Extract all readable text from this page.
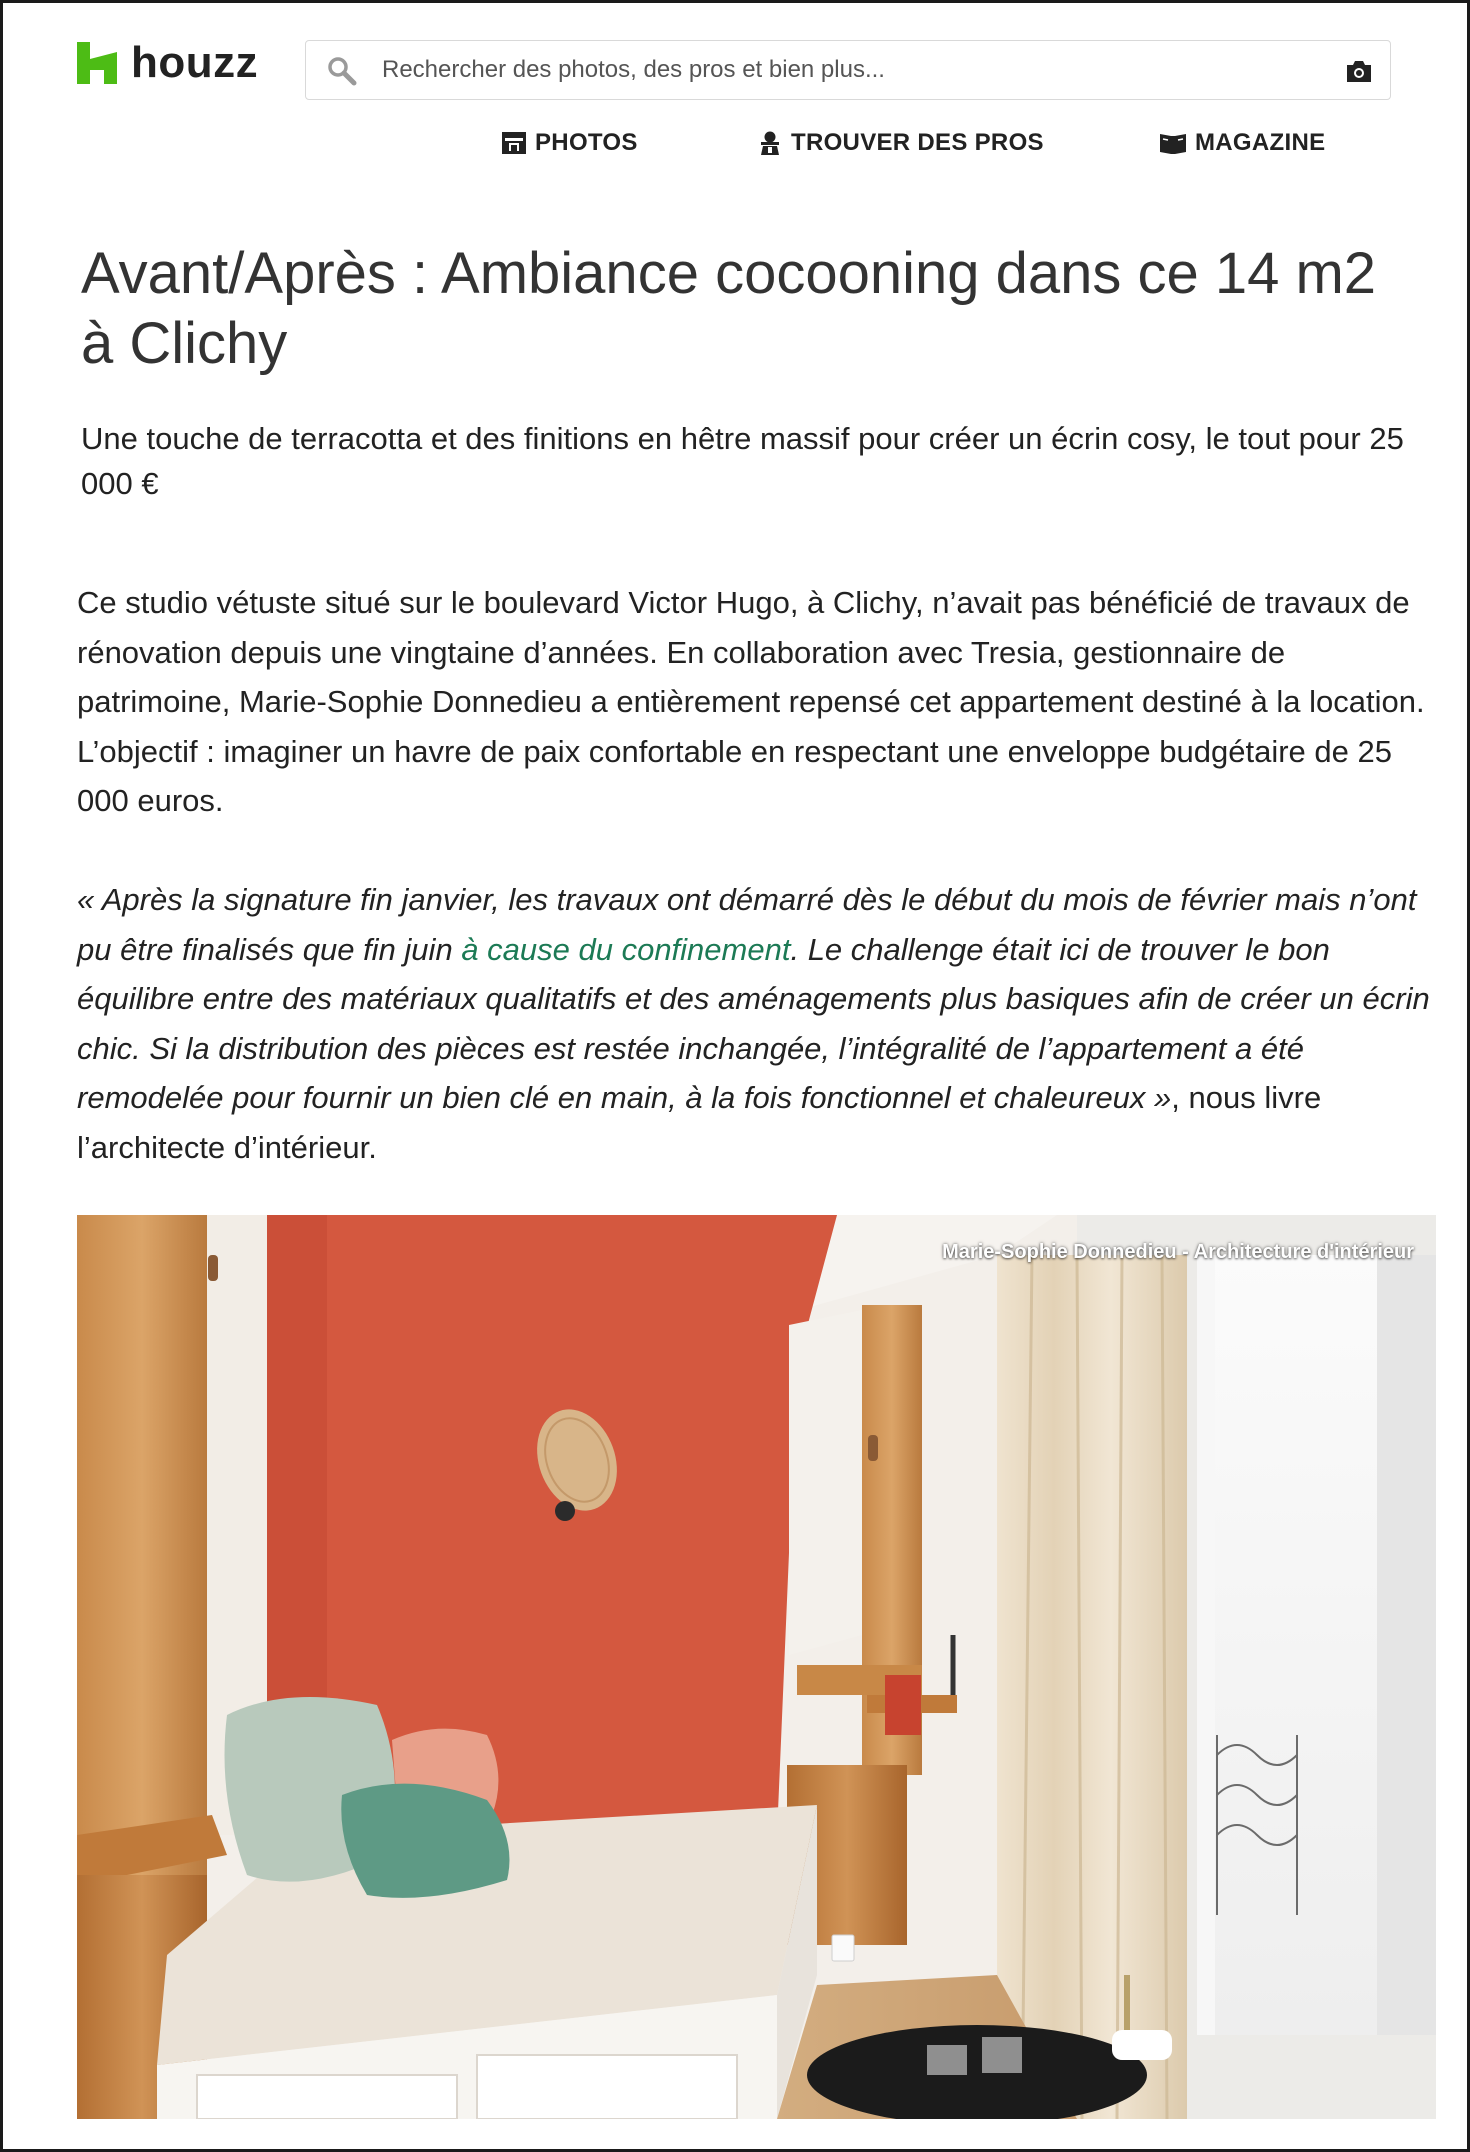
houzz
Rechercher des photos, des pros et bien plus...
PHOTOS	TROUVER DES PROS	MAGAZINE
Avant/Après : Ambiance cocooning dans ce 14 m2 à Clichy

Une touche de terracotta et des finitions en hêtre massif pour créer un écrin cosy, le tout pour 25 000 €

Ce studio vétuste situé sur le boulevard Victor Hugo, à Clichy, n’avait pas bénéficié de travaux de rénovation depuis une vingtaine d’années. En collaboration avec Tresia, gestionnaire de patrimoine, Marie-Sophie Donnedieu a entièrement repensé cet appartement destiné à la location. L’objectif : imaginer un havre de paix confortable en respectant une enveloppe budgétaire de 25 000 euros.

« Après la signature fin janvier, les travaux ont démarré dès le début du mois de février mais n’ont pu être finalisés que fin juin à cause du confinement. Le challenge était ici de trouver le bon équilibre entre des matériaux qualitatifs et des aménagements plus basiques afin de créer un écrin chic. Si la distribution des pièces est restée inchangée, l’intégralité de l’appartement a été remodelée pour fournir un bien clé en main, à la fois fonctionnel et chaleureux », nous livre l’architecte d’intérieur.

Marie-Sophie Donnedieu - Architecture d'intérieur
